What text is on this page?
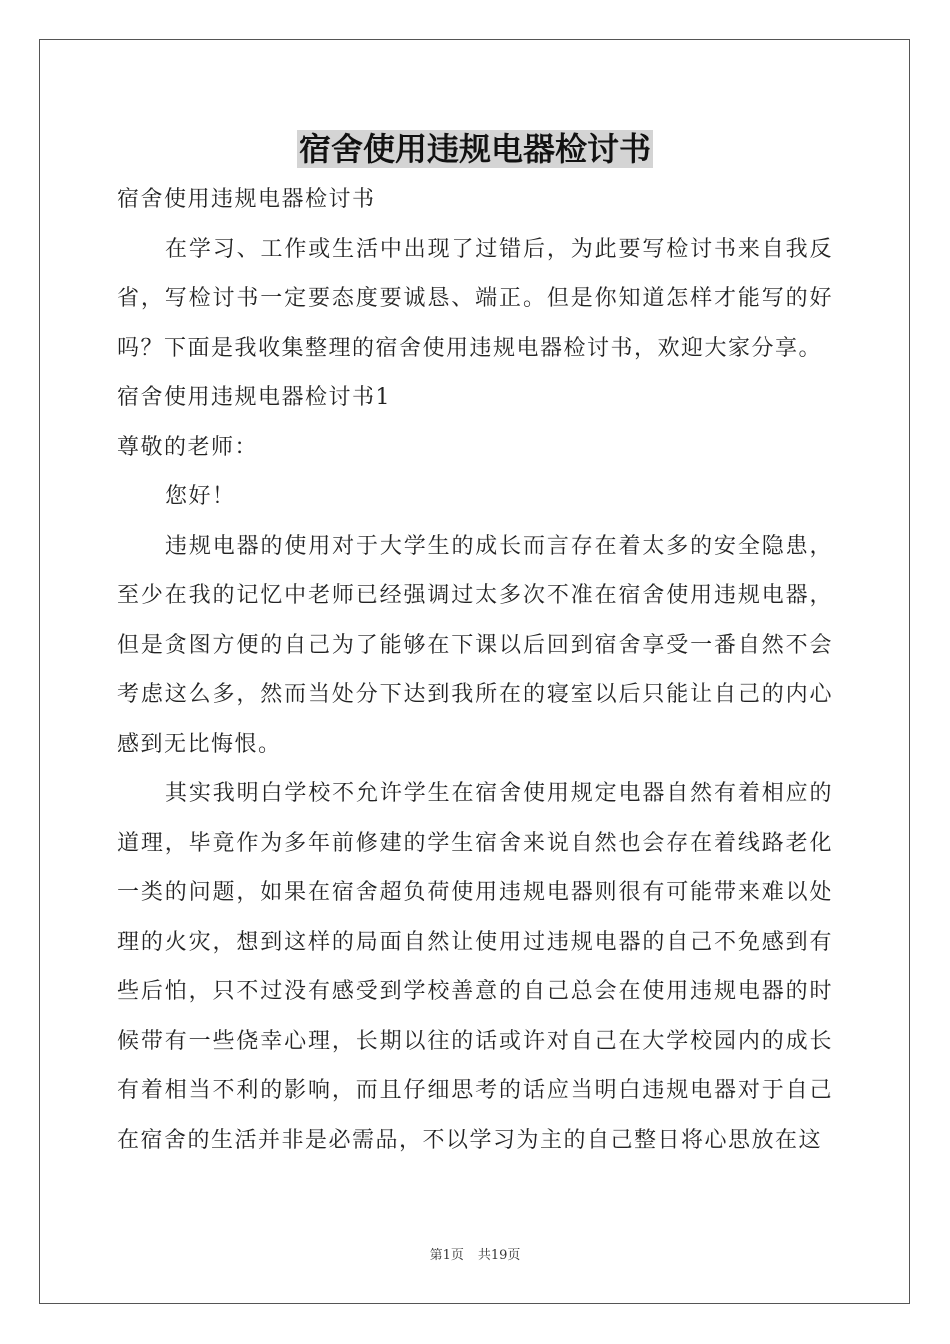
宿舍使用违规电器检讨书

宿舍使用违规电器检讨书

在学习、工作或生活中出现了过错后，为此要写检讨书来自我反省，写检讨书一定要态度要诚恳、端正。但是你知道怎样才能写的好吗？下面是我收集整理的宿舍使用违规电器检讨书，欢迎大家分享。

宿舍使用违规电器检讨书1

尊敬的老师：

您好！

违规电器的使用对于大学生的成长而言存在着太多的安全隐患，至少在我的记忆中老师已经强调过太多次不准在宿舍使用违规电器，但是贪图方便的自己为了能够在下课以后回到宿舍享受一番自然不会考虑这么多，然而当处分下达到我所在的寝室以后只能让自己的内心感到无比悔恨。

其实我明白学校不允许学生在宿舍使用规定电器自然有着相应的道理，毕竟作为多年前修建的学生宿舍来说自然也会存在着线路老化一类的问题，如果在宿舍超负荷使用违规电器则很有可能带来难以处理的火灾，想到这样的局面自然让使用过违规电器的自己不免感到有些后怕，只不过没有感受到学校善意的自己总会在使用违规电器的时候带有一些侥幸心理，长期以往的话或许对自己在大学校园内的成长有着相当不利的影响，而且仔细思考的话应当明白违规电器对于自己在宿舍的生活并非是必需品，不以学习为主的自己整日将心思放在这

第1页 共19页
